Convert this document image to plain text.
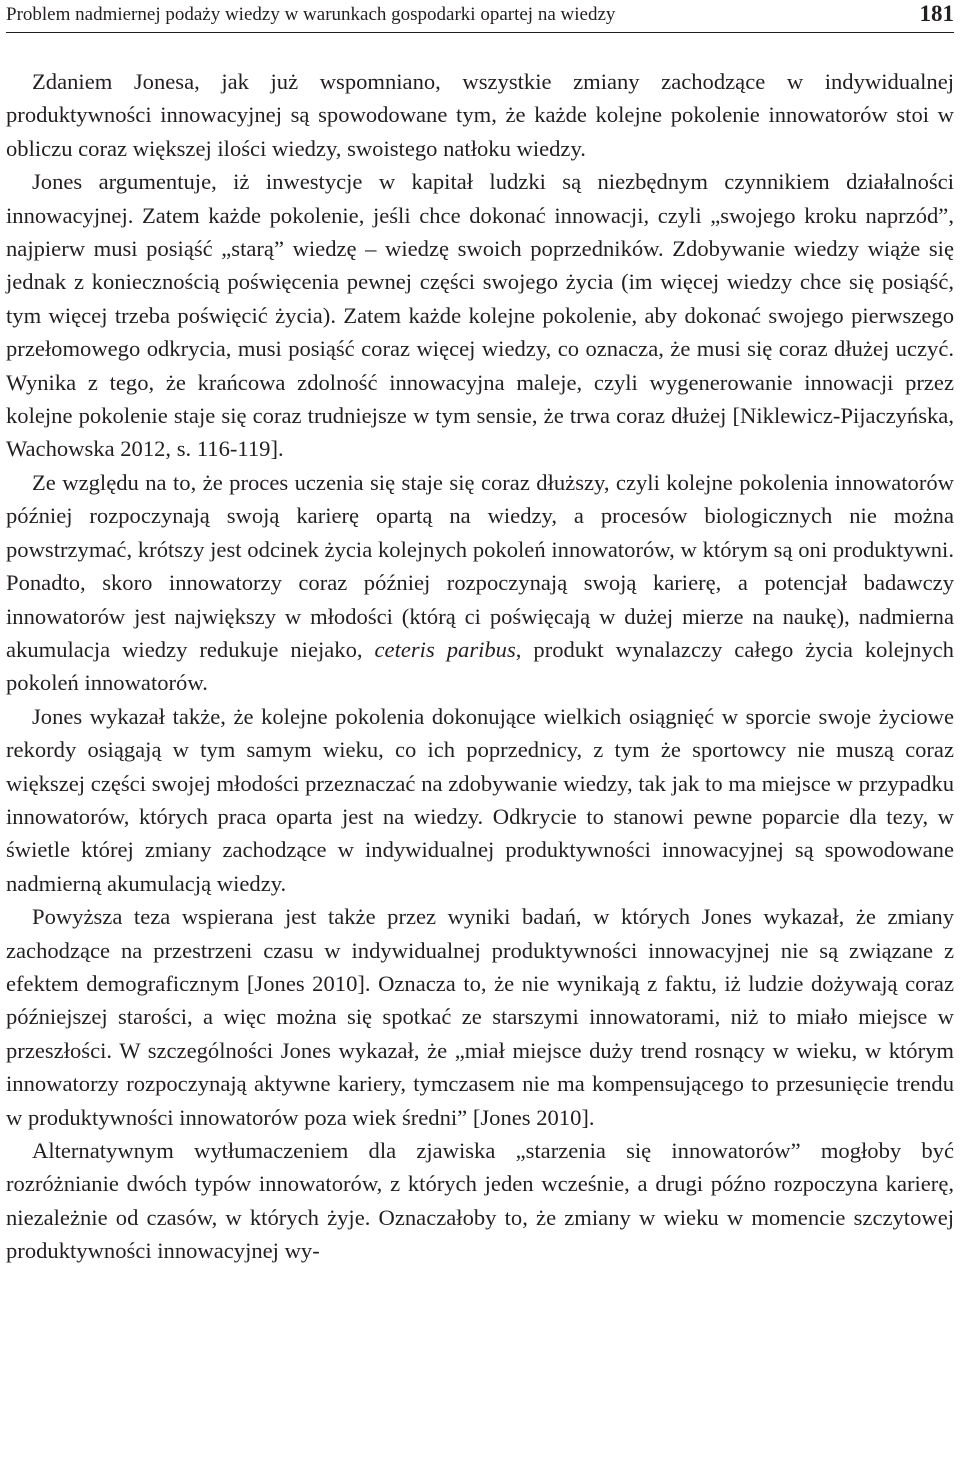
Problem nadmiernej podaży wiedzy w warunkach gospodarki opartej na wiedzy	181

Zdaniem Jonesa, jak już wspomniano, wszystkie zmiany zachodzące w indywidualnej produktywności innowacyjnej są spowodowane tym, że każde kolejne pokolenie innowatorów stoi w obliczu coraz większej ilości wiedzy, swoistego natłoku wiedzy.

Jones argumentuje, iż inwestycje w kapitał ludzki są niezbędnym czynnikiem działalności innowacyjnej. Zatem każde pokolenie, jeśli chce dokonać innowacji, czyli „swojego kroku naprzód”, najpierw musi posiąść „starą” wiedzę – wiedzę swoich poprzedników. Zdobywanie wiedzy wiąże się jednak z koniecznością poświęcenia pewnej części swojego życia (im więcej wiedzy chce się posiąść, tym więcej trzeba poświęcić życia). Zatem każde kolejne pokolenie, aby dokonać swojego pierwszego przełomowego odkrycia, musi posiąść coraz więcej wiedzy, co oznacza, że musi się coraz dłużej uczyć. Wynika z tego, że krańcowa zdolność innowacyjna maleje, czyli wygenerowanie innowacji przez kolejne pokolenie staje się coraz trudniejsze w tym sensie, że trwa coraz dłużej [Niklewicz-Pijaczyńska, Wachowska 2012, s. 116-119].

Ze względu na to, że proces uczenia się staje się coraz dłuższy, czyli kolejne pokolenia innowatorów później rozpoczynają swoją karierę opartą na wiedzy, a procesów biologicznych nie można powstrzymać, krótszy jest odcinek życia kolejnych pokoleń innowatorów, w którym są oni produktywni. Ponadto, skoro innowatorzy coraz później rozpoczynają swoją karierę, a potencjał badawczy innowatorów jest największy w młodości (którą ci poświęcają w dużej mierze na naukę), nadmierna akumulacja wiedzy redukuje niejako, ceteris paribus, produkt wynalazczy całego życia kolejnych pokoleń innowatorów.

Jones wykazał także, że kolejne pokolenia dokonujące wielkich osiągnięć w sporcie swoje życiowe rekordy osiągają w tym samym wieku, co ich poprzednicy, z tym że sportowcy nie muszą coraz większej części swojej młodości przeznaczać na zdobywanie wiedzy, tak jak to ma miejsce w przypadku innowatorów, których praca oparta jest na wiedzy. Odkrycie to stanowi pewne poparcie dla tezy, w świetle której zmiany zachodzące w indywidualnej produktywności innowacyjnej są spowodowane nadmierną akumulacją wiedzy.

Powyższa teza wspierana jest także przez wyniki badań, w których Jones wykazał, że zmiany zachodzące na przestrzeni czasu w indywidualnej produktywności innowacyjnej nie są związane z efektem demograficznym [Jones 2010]. Oznacza to, że nie wynikają z faktu, iż ludzie dożywają coraz późniejszej starości, a więc można się spotkać ze starszymi innowatorami, niż to miało miejsce w przeszłości. W szczególności Jones wykazał, że „miał miejsce duży trend rosnący w wieku, w którym innowatorzy rozpoczynają aktywne kariery, tymczasem nie ma kompensującego to przesunięcie trendu w produktywności innowatorów poza wiek średni” [Jones 2010].

Alternatywnym wytłumaczeniem dla zjawiska „starzenia się innowatorów” mogłoby być rozróżnianie dwóch typów innowatorów, z których jeden wcześnie, a drugi późno rozpoczyna karierę, niezależnie od czasów, w których żyje. Oznaczałoby to, że zmiany w wieku w momencie szczytowej produktywności innowacyjnej wy-
